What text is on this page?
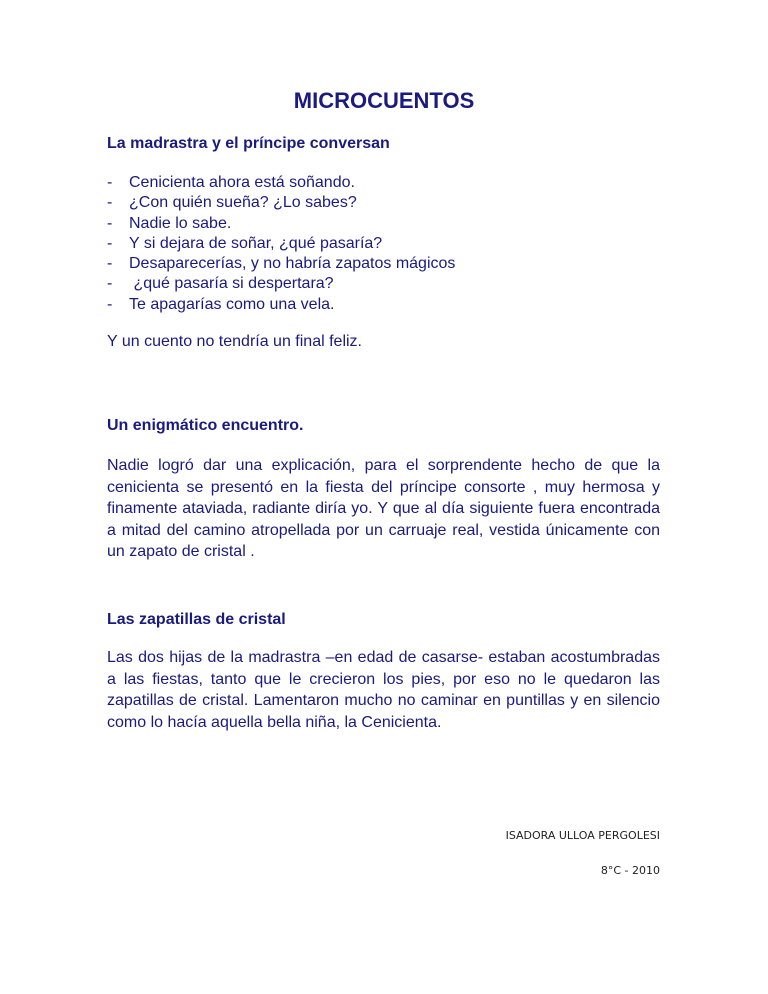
MICROCUENTOS

La madrastra y el príncipe conversan

-	Cenicienta ahora está soñando.
-	¿Con quién sueña? ¿Lo sabes?
-	Nadie lo sabe.
-	Y si dejara de soñar, ¿qué pasaría?
-	Desaparecerías, y no habría zapatos mágicos
-	¿qué pasaría si despertara?
-	Te apagarías como una vela.

Y un cuento no tendría un final feliz.

Un enigmático encuentro.

Nadie logró dar una explicación, para el sorprendente hecho de que la cenicienta se presentó en la fiesta del príncipe consorte , muy hermosa y finamente ataviada, radiante diría yo. Y que al día siguiente fuera encontrada a mitad del camino atropellada por un carruaje real, vestida únicamente con un zapato de cristal .

Las zapatillas de cristal

Las dos hijas de la madrastra –en edad de casarse- estaban acostumbradas a las fiestas, tanto que le crecieron los pies, por eso no le quedaron las zapatillas de cristal. Lamentaron mucho no caminar en puntillas y en silencio como lo hacía aquella bella niña, la Cenicienta.

ISADORA ULLOA PERGOLESI

8°C - 2010
